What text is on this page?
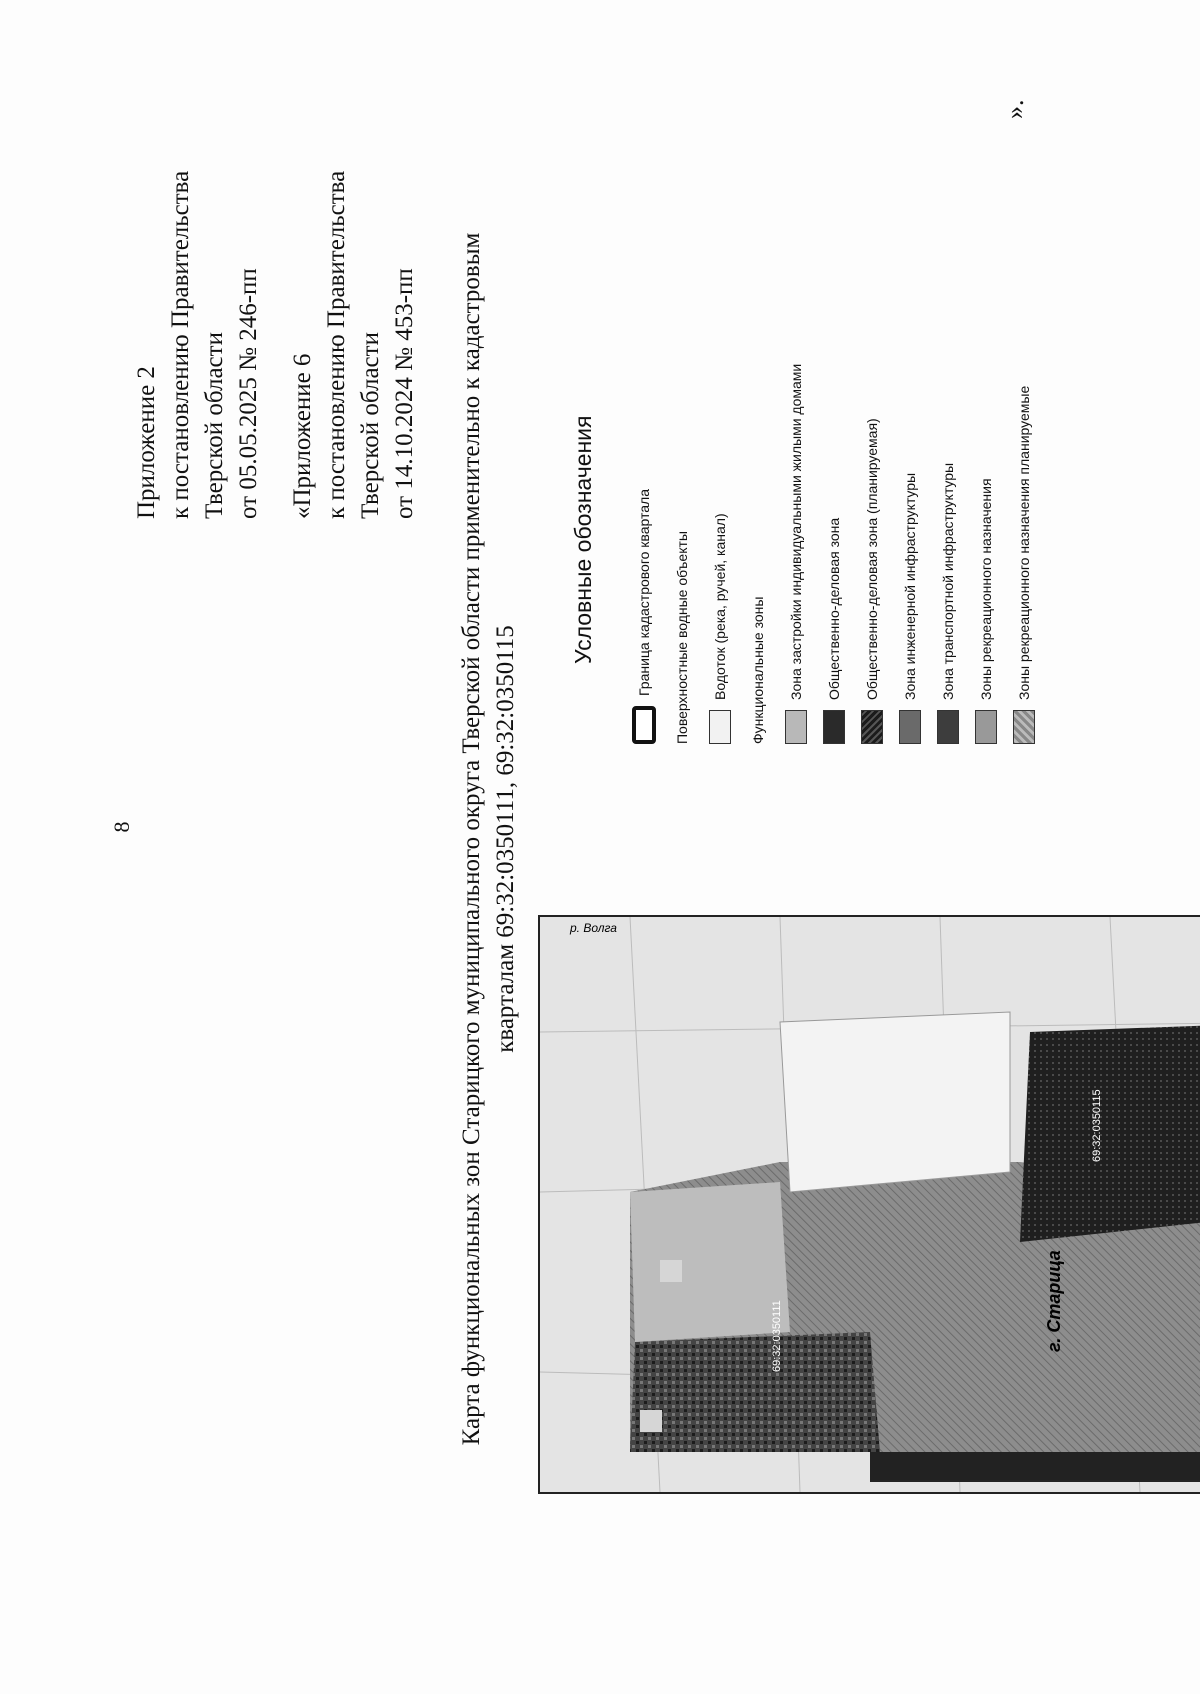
8

Приложение 2 к постановлению Правительства Тверской области от 05.05.2025 № 246-пп «Приложение 6 к постановлению Правительства Тверской области от 14.10.2024 № 453-пп Карта функциональных зон Старицкого муниципального округа Тверской области применительно к кадастровым кварталам 69:32:0350111, 69:32:0350115	р. Волга
69:32:0350111
69:32:0350115
г. Старица
Условные обозначения	Граница кадастрового квартала Поверхностные водные объекты Водоток (река, ручей, канал) Функциональные зоны Зона застройки индивидуальными жилыми домами Общественно-деловая зона Общественно-деловая зона (планируемая) Зона инженерной инфраструктуры Зона транспортной инфраструктуры Зоны рекреационного назначения Зоны рекреационного назначения планируемые
».
